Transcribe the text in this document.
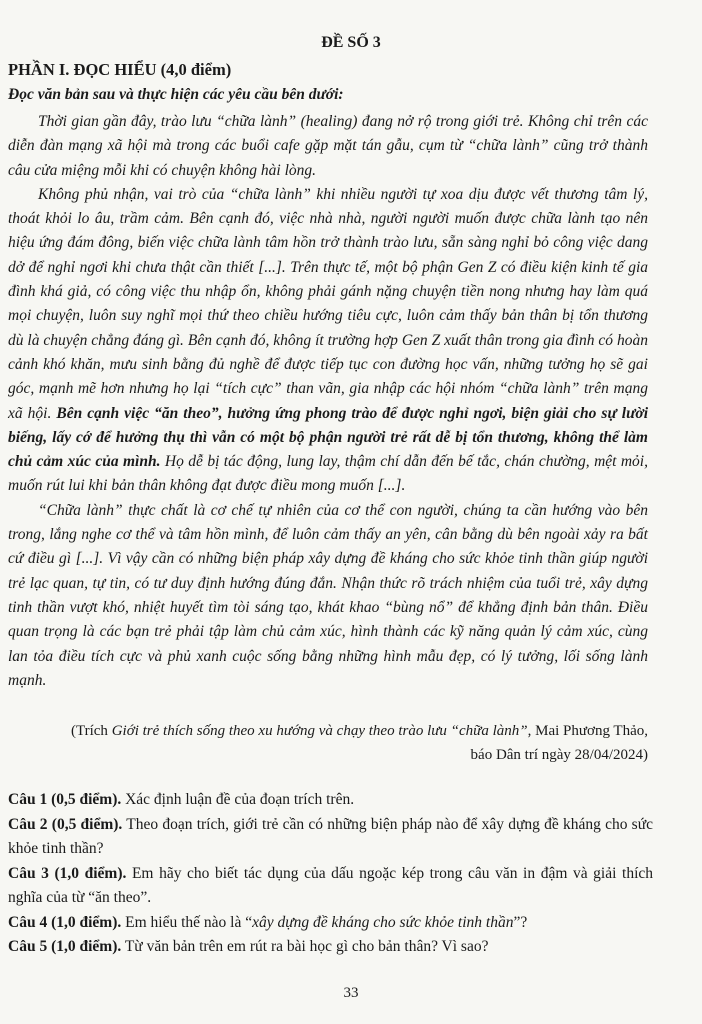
ĐỀ SỐ 3
PHẦN I. ĐỌC HIỂU (4,0 điểm)
Đọc văn bản sau và thực hiện các yêu cầu bên dưới:

Thời gian gần đây, trào lưu “chữa lành” (healing) đang nở rộ trong giới trẻ. Không chỉ trên các diễn đàn mạng xã hội mà trong các buổi cafe gặp mặt tán gẫu, cụm từ “chữa lành” cũng trở thành câu cửa miệng mỗi khi có chuyện không hài lòng.

Không phủ nhận, vai trò của “chữa lành” khi nhiều người tự xoa dịu được vết thương tâm lý, thoát khỏi lo âu, trầm cảm. Bên cạnh đó, việc nhà nhà, người người muốn được chữa lành tạo nên hiệu ứng đám đông, biến việc chữa lành tâm hồn trở thành trào lưu, sẵn sàng nghỉ bỏ công việc dang dở để nghỉ ngơi khi chưa thật cần thiết [...]. Trên thực tế, một bộ phận Gen Z có điều kiện kinh tế gia đình khá giả, có công việc thu nhập ổn, không phải gánh nặng chuyện tiền nong nhưng hay làm quá mọi chuyện, luôn suy nghĩ mọi thứ theo chiều hướng tiêu cực, luôn cảm thấy bản thân bị tổn thương dù là chuyện chẳng đáng gì. Bên cạnh đó, không ít trường hợp Gen Z xuất thân trong gia đình có hoàn cảnh khó khăn, mưu sinh bằng đủ nghề để được tiếp tục con đường học vấn, những tưởng họ sẽ gai góc, mạnh mẽ hơn nhưng họ lại “tích cực” than vãn, gia nhập các hội nhóm “chữa lành” trên mạng xã hội. Bên cạnh việc “ăn theo”, hưởng ứng phong trào để được nghỉ ngơi, biện giải cho sự lười biếng, lấy cớ để hưởng thụ thì vẫn có một bộ phận người trẻ rất dễ bị tổn thương, không thể làm chủ cảm xúc của mình. Họ dễ bị tác động, lung lay, thậm chí dẫn đến bế tắc, chán chường, mệt mỏi, muốn rút lui khi bản thân không đạt được điều mong muốn [...].

“Chữa lành” thực chất là cơ chế tự nhiên của cơ thể con người, chúng ta cần hướng vào bên trong, lắng nghe cơ thể và tâm hồn mình, để luôn cảm thấy an yên, cân bằng dù bên ngoài xảy ra bất cứ điều gì [...]. Vì vậy cần có những biện pháp xây dựng đề kháng cho sức khỏe tinh thần giúp người trẻ lạc quan, tự tin, có tư duy định hướng đúng đắn. Nhận thức rõ trách nhiệm của tuổi trẻ, xây dựng tinh thần vượt khó, nhiệt huyết tìm tòi sáng tạo, khát khao “bùng nổ” để khẳng định bản thân. Điều quan trọng là các bạn trẻ phải tập làm chủ cảm xúc, hình thành các kỹ năng quản lý cảm xúc, cùng lan tỏa điều tích cực và phủ xanh cuộc sống bằng những hình mẫu đẹp, có lý tưởng, lối sống lành mạnh.

(Trích Giới trẻ thích sống theo xu hướng và chạy theo trào lưu “chữa lành”, Mai Phương Thảo,
báo Dân trí ngày 28/04/2024)

Câu 1 (0,5 điểm). Xác định luận đề của đoạn trích trên.

Câu 2 (0,5 điểm). Theo đoạn trích, giới trẻ cần có những biện pháp nào để xây dựng đề kháng cho sức khỏe tinh thần?

Câu 3 (1,0 điểm). Em hãy cho biết tác dụng của dấu ngoặc kép trong câu văn in đậm và giải thích nghĩa của từ “ăn theo”.

Câu 4 (1,0 điểm). Em hiểu thế nào là “xây dựng đề kháng cho sức khỏe tinh thần”?

Câu 5 (1,0 điểm). Từ văn bản trên em rút ra bài học gì cho bản thân? Vì sao?

33
